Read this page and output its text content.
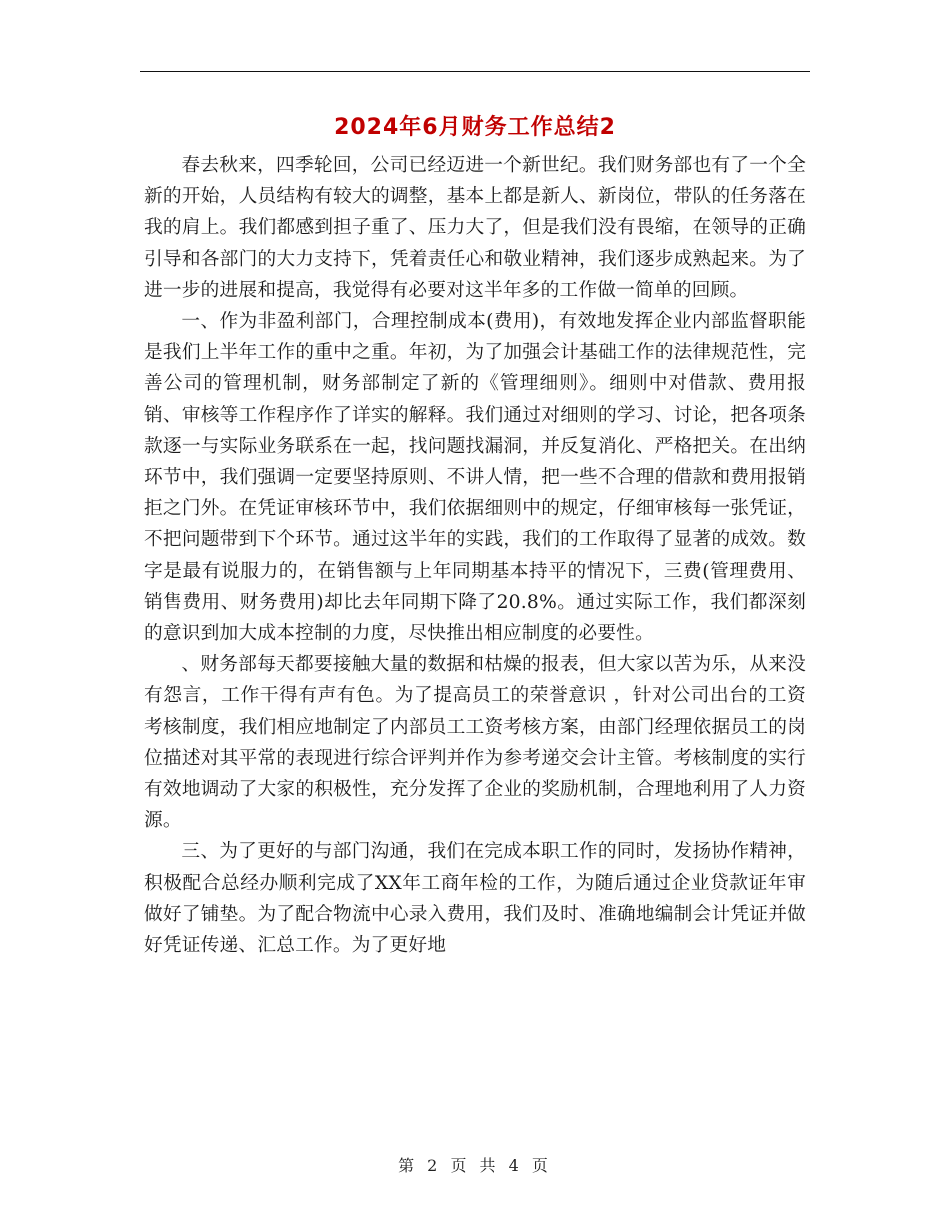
2024年6月财务工作总结2

春去秋来，四季轮回，公司已经迈进一个新世纪。我们财务部也有了一个全新的开始，人员结构有较大的调整，基本上都是新人、新岗位，带队的任务落在我的肩上。我们都感到担子重了、压力大了，但是我们没有畏缩，在领导的正确引导和各部门的大力支持下，凭着责任心和敬业精神，我们逐步成熟起来。为了进一步的进展和提高，我觉得有必要对这半年多的工作做一简单的回顾。

一、作为非盈利部门，合理控制成本(费用)，有效地发挥企业内部监督职能是我们上半年工作的重中之重。年初，为了加强会计基础工作的法律规范性，完善公司的管理机制，财务部制定了新的《管理细则》。细则中对借款、费用报销、审核等工作程序作了详实的解释。我们通过对细则的学习、讨论，把各项条款逐一与实际业务联系在一起，找问题找漏洞，并反复消化、严格把关。在出纳环节中，我们强调一定要坚持原则、不讲人情，把一些不合理的借款和费用报销拒之门外。在凭证审核环节中，我们依据细则中的规定，仔细审核每一张凭证，不把问题带到下个环节。通过这半年的实践，我们的工作取得了显著的成效。数字是最有说服力的，在销售额与上年同期基本持平的情况下，三费(管理费用、销售费用、财务费用)却比去年同期下降了20.8%。通过实际工作，我们都深刻的意识到加大成本控制的力度，尽快推出相应制度的必要性。

、财务部每天都要接触大量的数据和枯燥的报表，但大家以苦为乐，从来没有怨言，工作干得有声有色。为了提高员工的荣誉意识 ，针对公司出台的工资考核制度，我们相应地制定了内部员工工资考核方案，由部门经理依据员工的岗位描述对其平常的表现进行综合评判并作为参考递交会计主管。考核制度的实行有效地调动了大家的积极性，充分发挥了企业的奖励机制，合理地利用了人力资源。

三、为了更好的与部门沟通，我们在完成本职工作的同时，发扬协作精神，积极配合总经办顺利完成了XX年工商年检的工作，为随后通过企业贷款证年审做好了铺垫。为了配合物流中心录入费用，我们及时、准确地编制会计凭证并做好凭证传递、汇总工作。为了更好地

第 2 页 共 4 页
